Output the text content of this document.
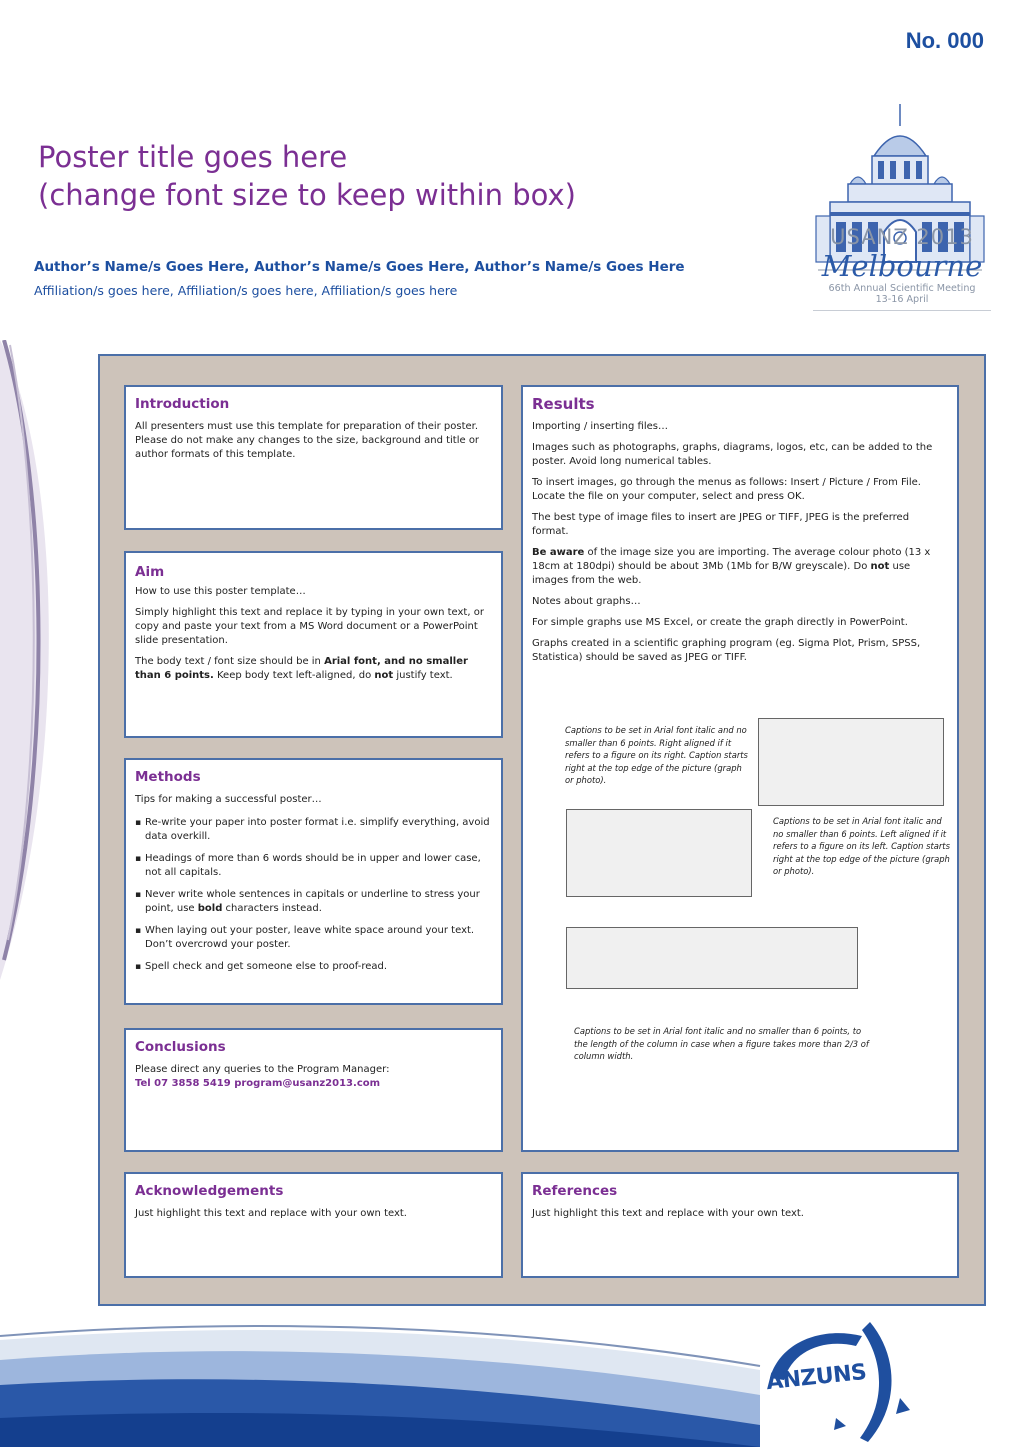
No. 000
Poster title goes here
(change font size to keep within box)
Author’s Name/s Goes Here, Author’s Name/s Goes Here, Author’s Name/s Goes Here
Affiliation/s goes here, Affiliation/s goes here, Affiliation/s goes here
USANZ 2013
Melbourne
66th Annual Scientific Meeting
13-16 April
Introduction

All presenters must use this template for preparation of their poster. Please do not make any changes to the size, background and title or author formats of this template.

Aim

How to use this poster template…

Simply highlight this text and replace it by typing in your own text, or copy and paste your text from a MS Word document or a PowerPoint slide presentation.

The body text / font size should be in Arial font, and no smaller than 6 points. Keep body text left-aligned, do not justify text.

Methods

Tips for making a successful poster…

▪ Re-write your paper into poster format i.e. simplify everything, avoid data overkill.
▪ Headings of more than 6 words should be in upper and lower case, not all capitals.
▪ Never write whole sentences in capitals or underline to stress your point, use bold characters instead.
▪ When laying out your poster, leave white space around your text. Don’t overcrowd your poster.
▪ Spell check and get someone else to proof-read.
Conclusions

Please direct any queries to the Program Manager:

Tel 07 3858 5419 program@usanz2013.com

Results

Importing / inserting files…

Images such as photographs, graphs, diagrams, logos, etc, can be added to the poster. Avoid long numerical tables.

To insert images, go through the menus as follows: Insert / Picture / From File. Locate the file on your computer, select and press OK.

The best type of image files to insert are JPEG or TIFF, JPEG is the preferred format.

Be aware of the image size you are importing. The average colour photo (13 x 18cm at 180dpi) should be about 3Mb (1Mb for B/W greyscale). Do not use images from the web.

Notes about graphs…

For simple graphs use MS Excel, or create the graph directly in PowerPoint.

Graphs created in a scientific graphing program (eg. Sigma Plot, Prism, SPSS, Statistica) should be saved as JPEG or TIFF.

Captions to be set in Arial font italic and no smaller than 6 points. Right aligned if it refers to a figure on its right. Caption starts right at the top edge of the picture (graph or photo).
Captions to be set in Arial font italic and no smaller than 6 points. Left aligned if it refers to a figure on its left. Caption starts right at the top edge of the picture (graph or photo).
Captions to be set in Arial font italic and no smaller than 6 points, to the length of the column in case when a figure takes more than 2/3 of column width.
Acknowledgements

Just highlight this text and replace with your own text.

References

Just highlight this text and replace with your own text.

ANZUNS
